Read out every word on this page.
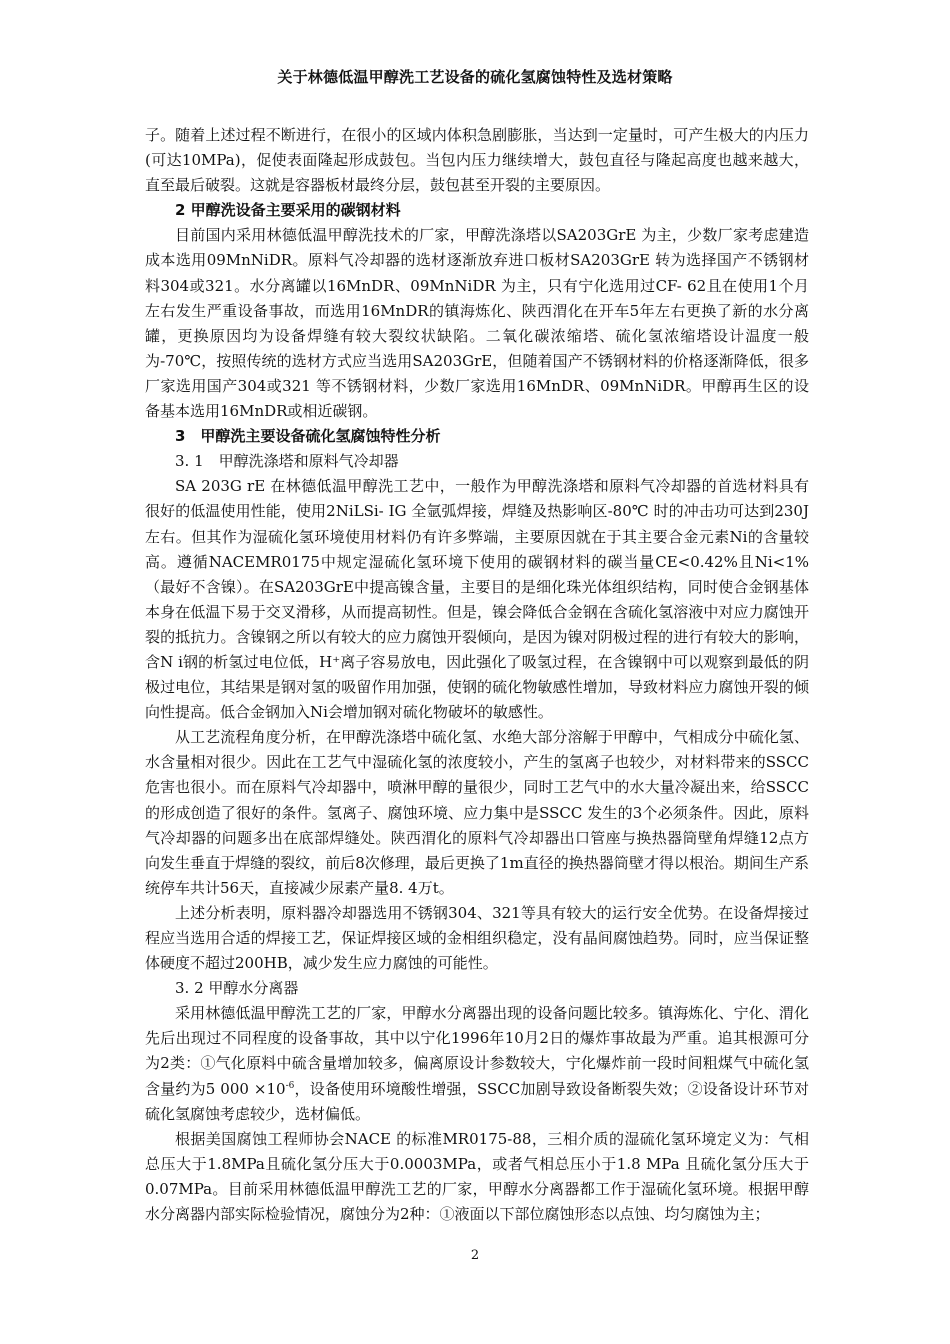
关于林德低温甲醇洗工艺设备的硫化氢腐蚀特性及选材策略

子。随着上述过程不断进行，在很小的区域内体积急剧膨胀，当达到一定量时，可产生极大的内压力(可达10MPa)，促使表面隆起形成鼓包。当包内压力继续增大，鼓包直径与隆起高度也越来越大，直至最后破裂。这就是容器板材最终分层，鼓包甚至开裂的主要原因。

2 甲醇洗设备主要采用的碳钢材料

目前国内采用林德低温甲醇洗技术的厂家，甲醇洗涤塔以SA203GrE 为主，少数厂家考虑建造成本选用09MnNiDR。原料气冷却器的选材逐渐放弃进口板材SA203GrE 转为选择国产不锈钢材料304或321。水分离罐以16MnDR、09MnNiDR 为主，只有宁化选用过CF- 62且在使用1个月左右发生严重设备事故，而选用16MnDR的镇海炼化、陕西渭化在开车5年左右更换了新的水分离罐，更换原因均为设备焊缝有较大裂纹状缺陷。二氧化碳浓缩塔、硫化氢浓缩塔设计温度一般为-70℃，按照传统的选材方式应当选用SA203GrE，但随着国产不锈钢材料的价格逐渐降低，很多厂家选用国产304或321 等不锈钢材料，少数厂家选用16MnDR、09MnNiDR。甲醇再生区的设备基本选用16MnDR或相近碳钢。

3　甲醇洗主要设备硫化氢腐蚀特性分析

3. 1　甲醇洗涤塔和原料气冷却器

SA 203G rE 在林德低温甲醇洗工艺中，一般作为甲醇洗涤塔和原料气冷却器的首选材料具有很好的低温使用性能，使用2NiLSi- IG 全氩弧焊接，焊缝及热影响区-80℃ 时的冲击功可达到230J左右。但其作为湿硫化氢环境使用材料仍有许多弊端，主要原因就在于其主要合金元素Ni的含量较高。遵循NACEMR0175中规定湿硫化氢环境下使用的碳钢材料的碳当量CE<0.42%且Ni<1%（最好不含镍）。在SA203GrE中提高镍含量，主要目的是细化珠光体组织结构，同时使合金钢基体本身在低温下易于交叉滑移，从而提高韧性。但是，镍会降低合金钢在含硫化氢溶液中对应力腐蚀开裂的抵抗力。含镍钢之所以有较大的应力腐蚀开裂倾向，是因为镍对阴极过程的进行有较大的影响，含N i钢的析氢过电位低，H⁺离子容易放电，因此强化了吸氢过程，在含镍钢中可以观察到最低的阴极过电位，其结果是钢对氢的吸留作用加强，使钢的硫化物敏感性增加，导致材料应力腐蚀开裂的倾向性提高。低合金钢加入Ni会增加钢对硫化物破坏的敏感性。

从工艺流程角度分析，在甲醇洗涤塔中硫化氢、水绝大部分溶解于甲醇中，气相成分中硫化氢、水含量相对很少。因此在工艺气中湿硫化氢的浓度较小，产生的氢离子也较少，对材料带来的SSCC危害也很小。而在原料气冷却器中，喷淋甲醇的量很少，同时工艺气中的水大量冷凝出来，给SSCC 的形成创造了很好的条件。氢离子、腐蚀环境、应力集中是SSCC 发生的3个必须条件。因此，原料气冷却器的问题多出在底部焊缝处。陕西渭化的原料气冷却器出口管座与换热器筒壁角焊缝12点方向发生垂直于焊缝的裂纹，前后8次修理，最后更换了1m直径的换热器筒壁才得以根治。期间生产系统停车共计56天，直接减少尿素产量8. 4万t。

上述分析表明，原料器冷却器选用不锈钢304、321等具有较大的运行安全优势。在设备焊接过程应当选用合适的焊接工艺，保证焊接区域的金相组织稳定，没有晶间腐蚀趋势。同时，应当保证整体硬度不超过200HB，减少发生应力腐蚀的可能性。

3. 2 甲醇水分离器

采用林德低温甲醇洗工艺的厂家，甲醇水分离器出现的设备问题比较多。镇海炼化、宁化、渭化先后出现过不同程度的设备事故，其中以宁化1996年10月2日的爆炸事故最为严重。追其根源可分为2类：①气化原料中硫含量增加较多，偏离原设计参数较大，宁化爆炸前一段时间粗煤气中硫化氢含量约为5 $000 \times 10^{-6}$，设备使用环境酸性增强，SSCC加剧导致设备断裂失效；②设备设计环节对硫化氢腐蚀考虑较少，选材偏低。

根据美国腐蚀工程师协会NACE 的标准MR0175-88，三相介质的湿硫化氢环境定义为：气相总压大于1.8MPa且硫化氢分压大于0.0003MPa，或者气相总压小于1.8 MPa 且硫化氢分压大于0.07MPa。目前采用林德低温甲醇洗工艺的厂家，甲醇水分离器都工作于湿硫化氢环境。根据甲醇水分离器内部实际检验情况，腐蚀分为2种：①液面以下部位腐蚀形态以点蚀、均匀腐蚀为主；

2
